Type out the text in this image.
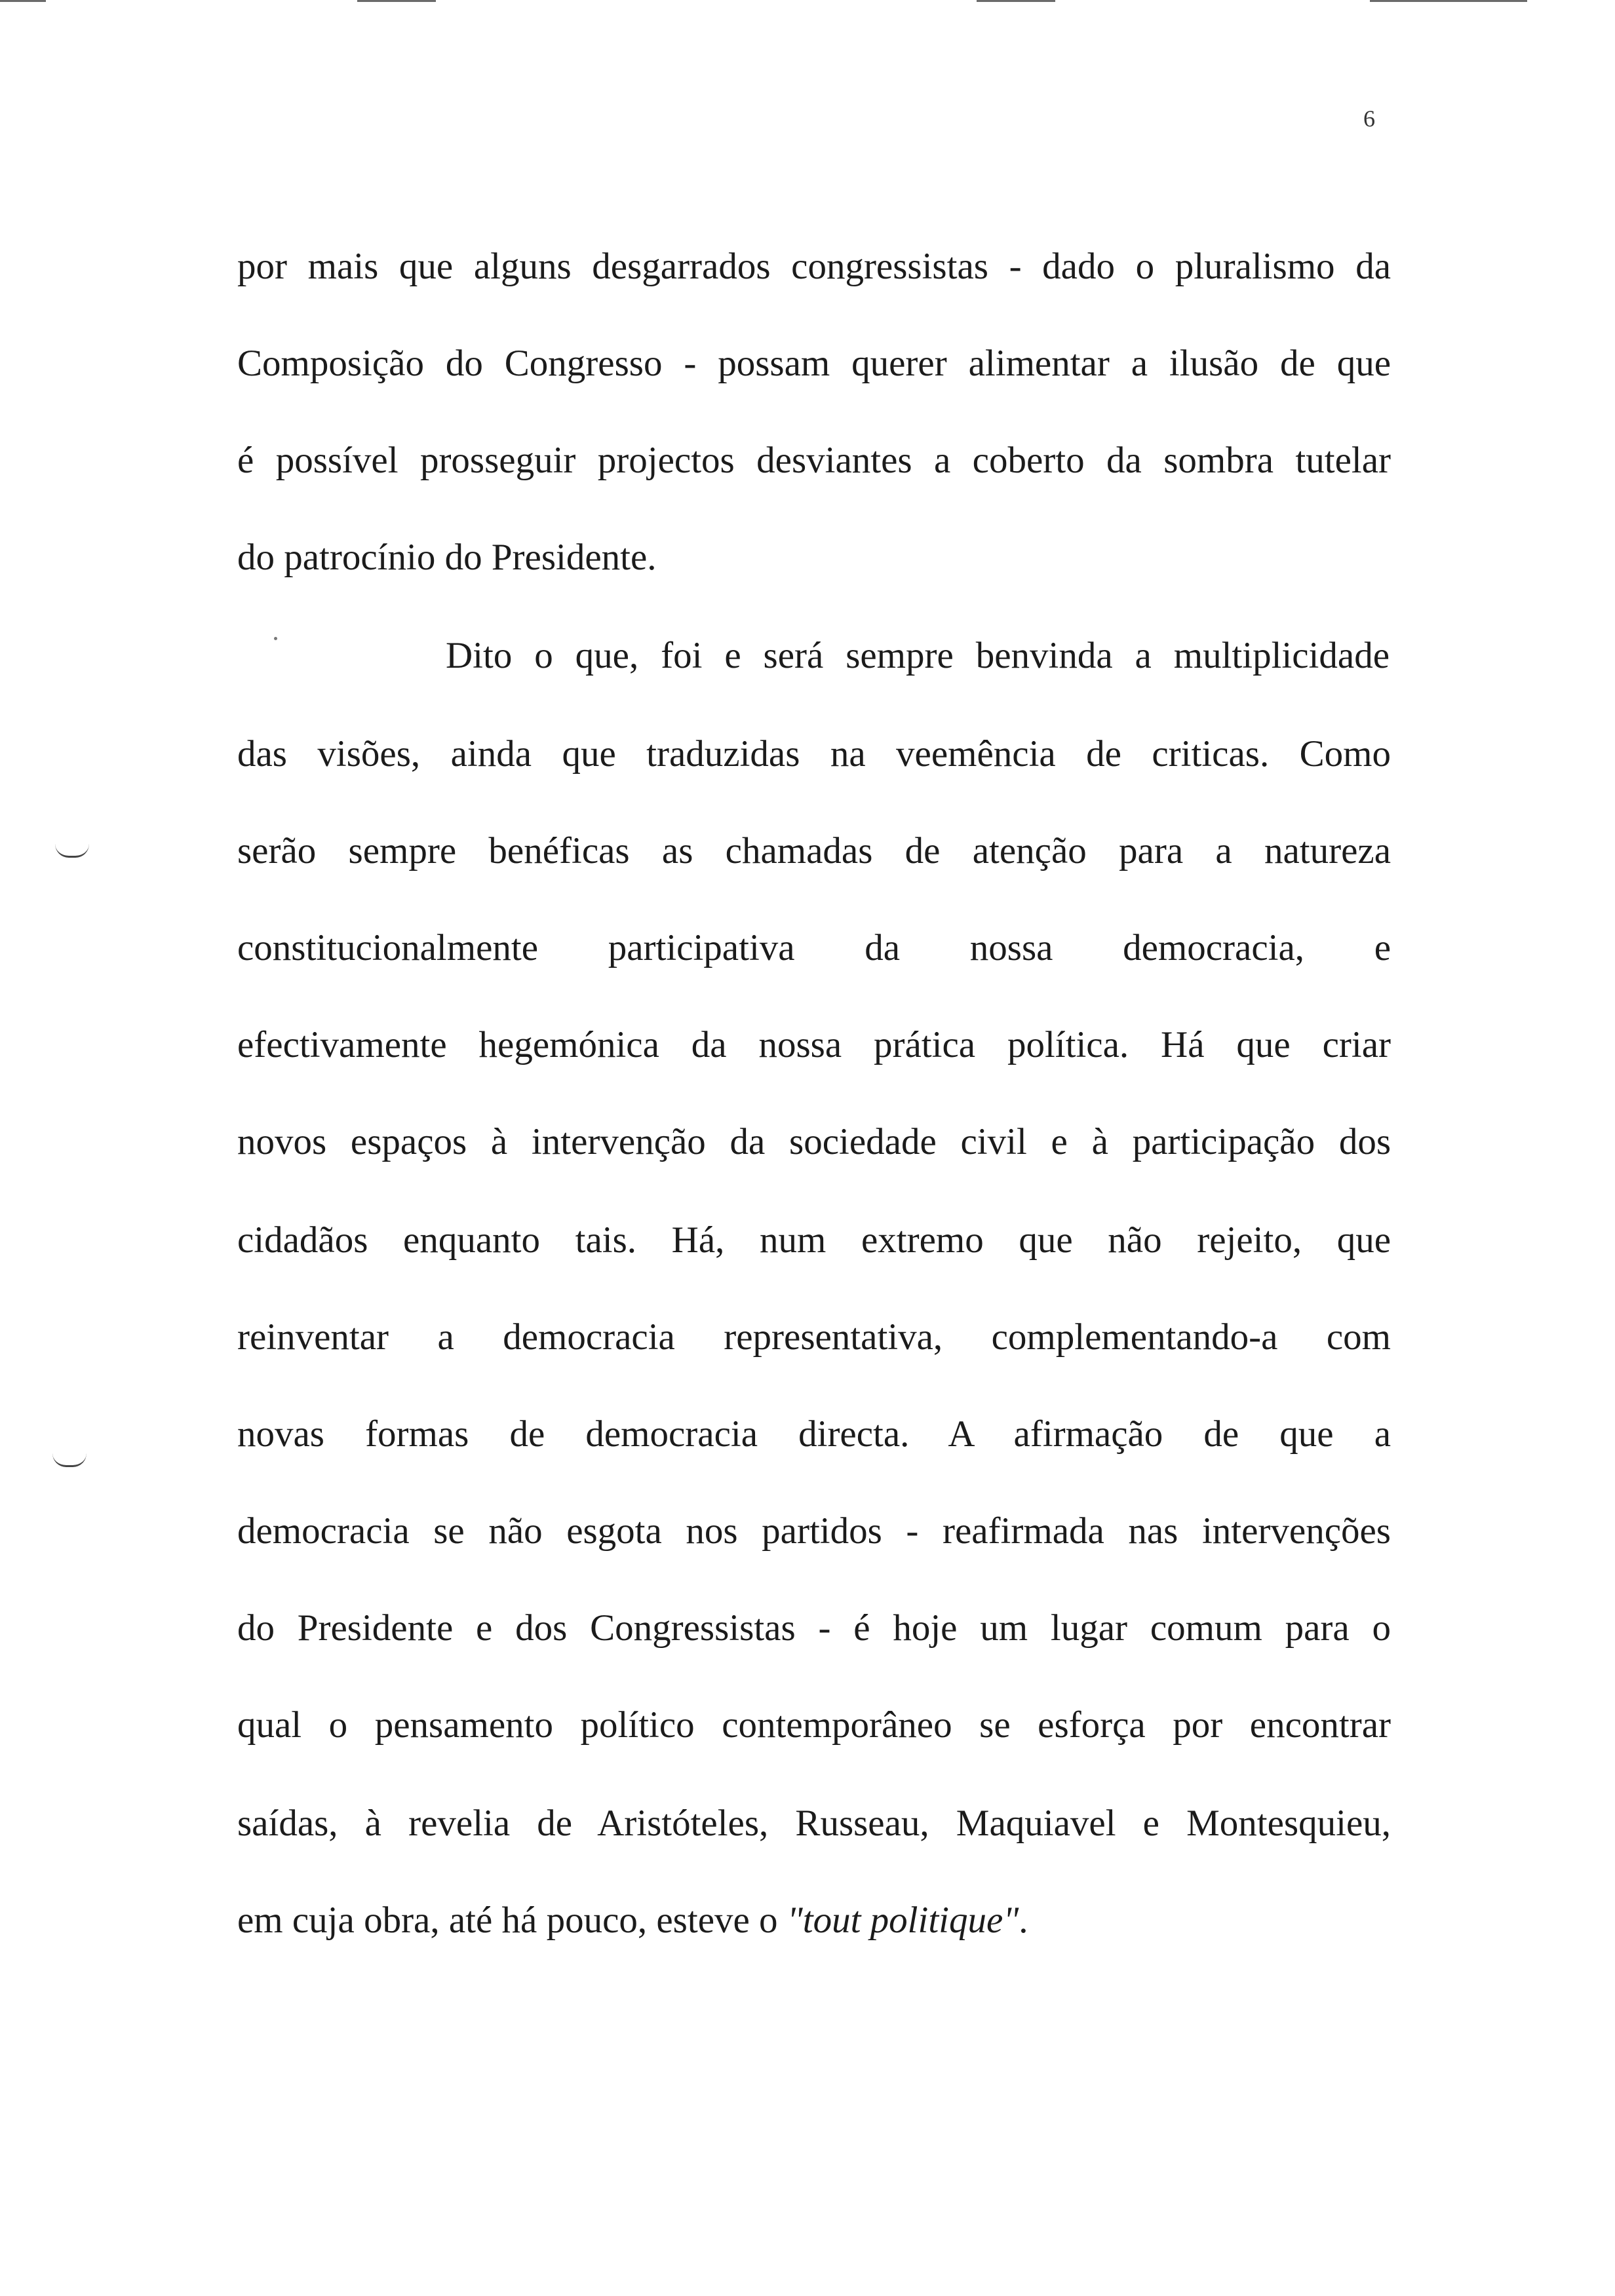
6
por mais que alguns desgarrados congressistas - dado o pluralismo da
Composição do Congresso - possam querer alimentar a ilusão de que
é possível prosseguir projectos desviantes a coberto da sombra tutelar
do patrocínio do Presidente.
Dito o que, foi e será sempre benvinda a multiplicidade
das visões, ainda que traduzidas na veemência de criticas. Como
serão sempre benéficas as chamadas de atenção para a natureza
constitucionalmente participativa da nossa democracia, e
efectivamente hegemónica da nossa prática política. Há que criar
novos espaços à intervenção da sociedade civil e à participação dos
cidadãos enquanto tais. Há, num extremo que não rejeito, que
reinventar a democracia representativa, complementando-a com
novas formas de democracia directa. A afirmação de que a
democracia se não esgota nos partidos - reafirmada nas intervenções
do Presidente e dos Congressistas - é hoje um lugar comum para o
qual o pensamento político contemporâneo se esforça por encontrar
saídas, à revelia de Aristóteles, Russeau, Maquiavel e Montesquieu,
em cuja obra, até há pouco, esteve o "tout politique".
